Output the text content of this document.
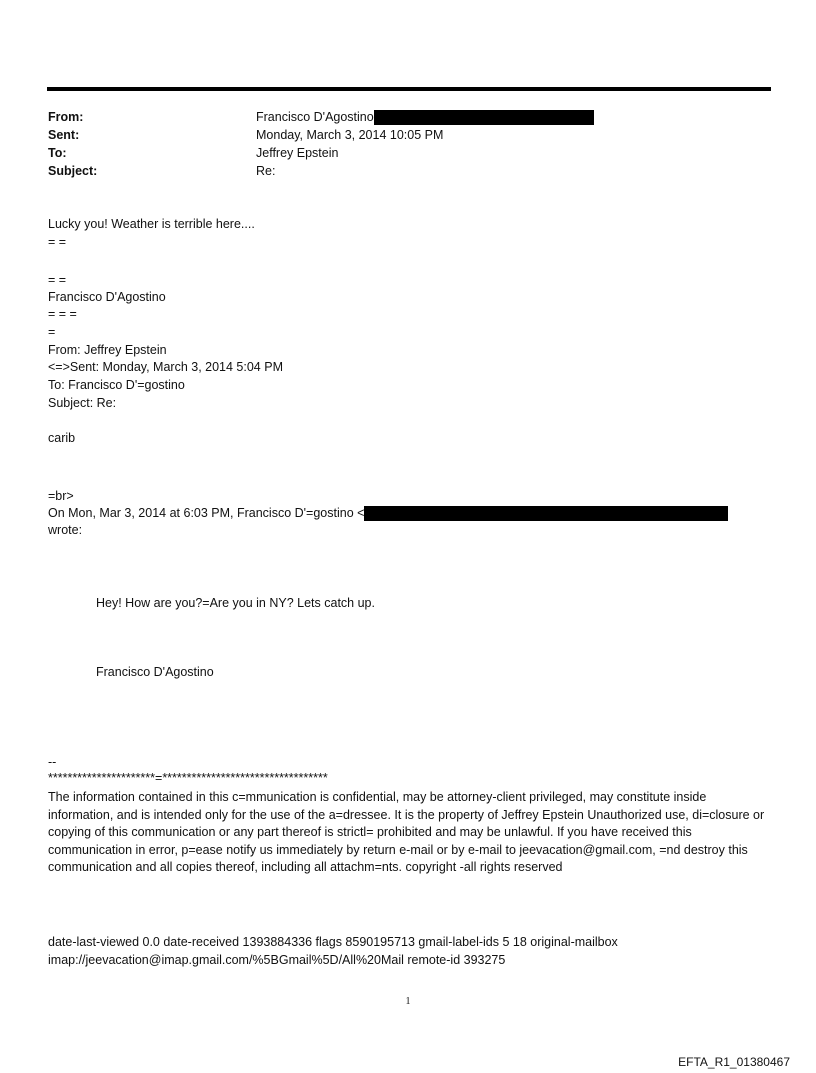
From:	Francisco D'Agostino
Sent:	Monday, March 3, 2014 10:05 PM
To:	Jeffrey Epstein
Subject:	Re:
Lucky you! Weather is terrible here....
= =
= =
Francisco D'Agostino
= = =
=
From: Jeffrey Epstein
<=>Sent: Monday, March 3, 2014 5:04 PM
To: Francisco D'=gostino
Subject: Re:
carib
=br>
On Mon, Mar 3, 2014 at 6:03 PM, Francisco D'=gostino <
wrote:
Hey! How are you?=Are you in NY? Lets catch up.
Francisco D'Agostino
--
**********************=**********************************
The information contained in this c=mmunication is confidential, may be attorney-client privileged, may constitute inside information, and is intended only for the use of the a=dressee. It is the property of Jeffrey Epstein Unauthorized use, di=closure or copying of this communication or any part thereof is strictl= prohibited and may be unlawful. If you have received this communication in error, p=ease notify us immediately by return e-mail or by e-mail to jeevacation@gmail.com, =nd destroy this communication and all copies thereof, including all attachm=nts. copyright -all rights reserved
date-last-viewed 0.0 date-received 1393884336 flags 8590195713 gmail-label-ids 5 18 original-mailbox imap://jeevacation@imap.gmail.com/%5BGmail%5D/All%20Mail remote-id 393275
1
EFTA_R1_01380467
